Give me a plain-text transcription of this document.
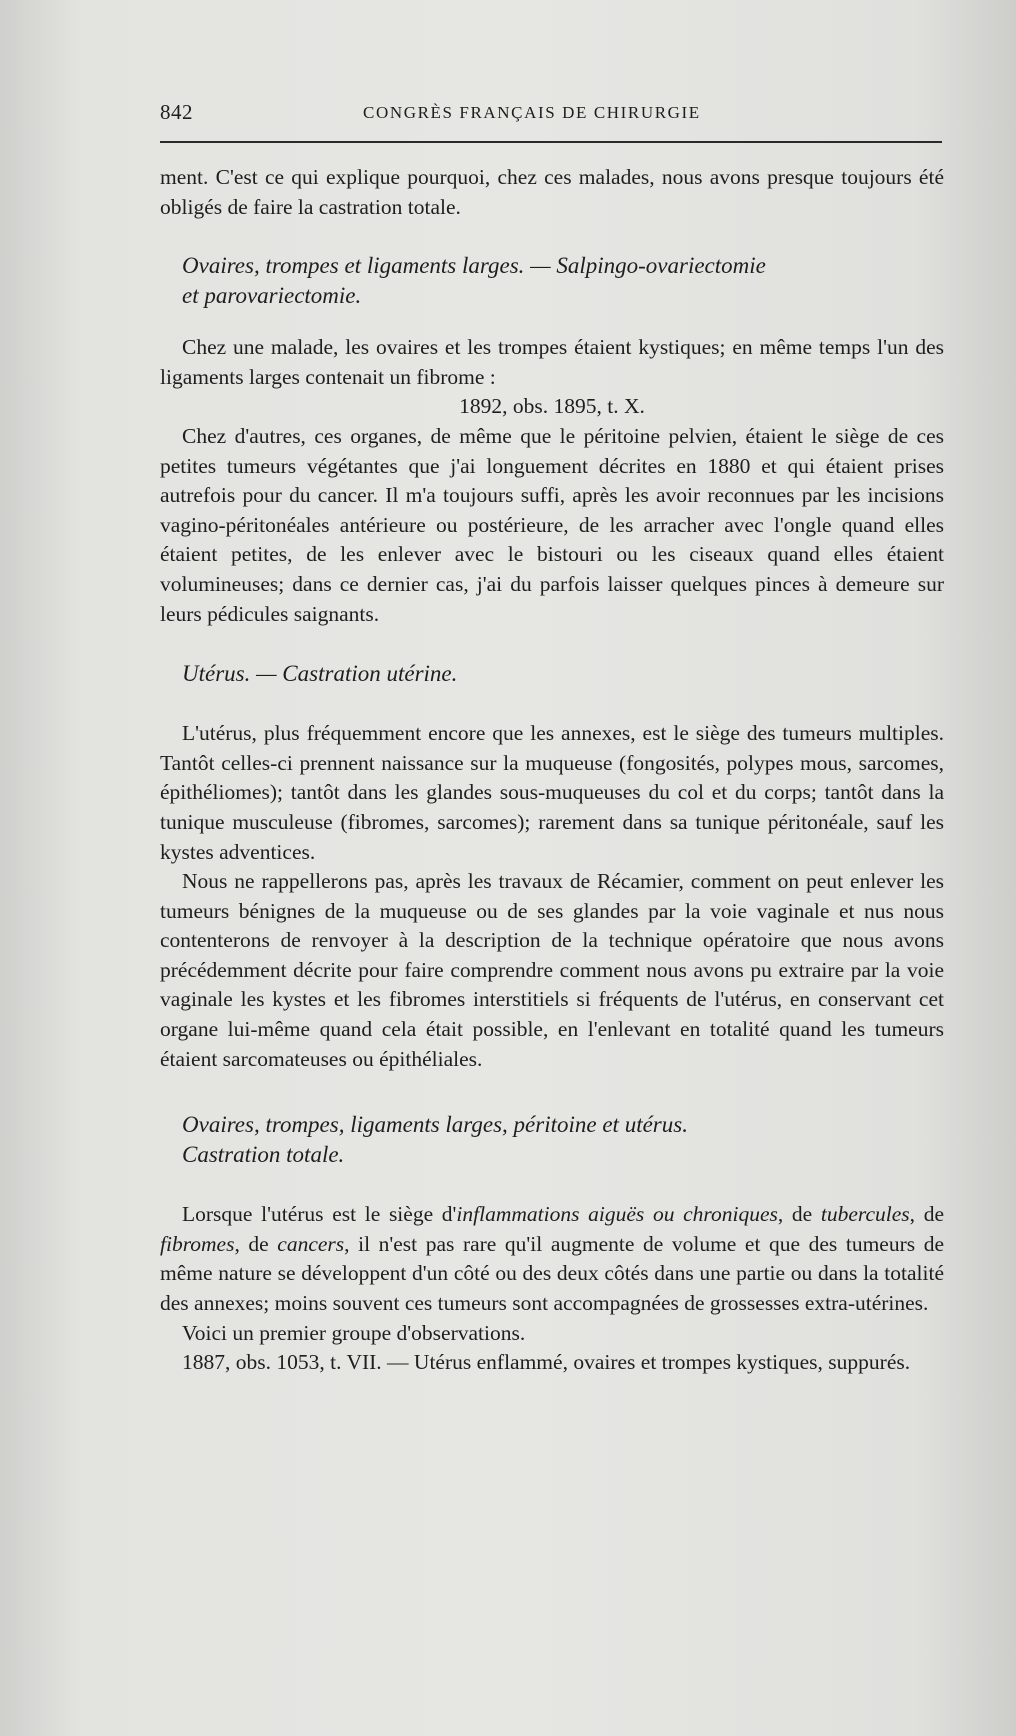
842	CONGRÈS FRANÇAIS DE CHIRURGIE

ment. C'est ce qui explique pourquoi, chez ces malades, nous avons presque toujours été obligés de faire la castration totale.

Ovaires, trompes et ligaments larges. — Salpingo-ovariectomie

et parovariectomie.

Chez une malade, les ovaires et les trompes étaient kystiques; en même temps l'un des ligaments larges contenait un fibrome :

1892, obs. 1895, t. X.

Chez d'autres, ces organes, de même que le péritoine pelvien, étaient le siège de ces petites tumeurs végétantes que j'ai longuement décrites en 1880 et qui étaient prises autrefois pour du cancer. Il m'a toujours suffi, après les avoir reconnues par les incisions vagino-péritonéales antérieure ou postérieure, de les arracher avec l'ongle quand elles étaient petites, de les enlever avec le bistouri ou les ciseaux quand elles étaient volumineuses; dans ce dernier cas, j'ai du parfois laisser quelques pinces à demeure sur leurs pédicules saignants.

Utérus. — Castration utérine.

L'utérus, plus fréquemment encore que les annexes, est le siège des tumeurs multiples. Tantôt celles-ci prennent naissance sur la muqueuse (fongosités, polypes mous, sarcomes, épithéliomes); tantôt dans les glandes sous-muqueuses du col et du corps; tantôt dans la tunique musculeuse (fibromes, sarcomes); rarement dans sa tunique péritonéale, sauf les kystes adventices.

Nous ne rappellerons pas, après les travaux de Récamier, comment on peut enlever les tumeurs bénignes de la muqueuse ou de ses glandes par la voie vaginale et nus nous contenterons de renvoyer à la description de la technique opératoire que nous avons précédemment décrite pour faire comprendre comment nous avons pu extraire par la voie vaginale les kystes et les fibromes interstitiels si fréquents de l'utérus, en conservant cet organe lui-même quand cela était possible, en l'enlevant en totalité quand les tumeurs étaient sarcomateuses ou épithéliales.

Ovaires, trompes, ligaments larges, péritoine et utérus.

Castration totale.

Lorsque l'utérus est le siège d'inflammations aiguës ou chroniques, de tubercules, de fibromes, de cancers, il n'est pas rare qu'il augmente de volume et que des tumeurs de même nature se développent d'un côté ou des deux côtés dans une partie ou dans la totalité des annexes; moins souvent ces tumeurs sont accompagnées de grossesses extra-utérines.

Voici un premier groupe d'observations.

1887, obs. 1053, t. VII. — Utérus enflammé, ovaires et trompes kystiques, suppurés.
